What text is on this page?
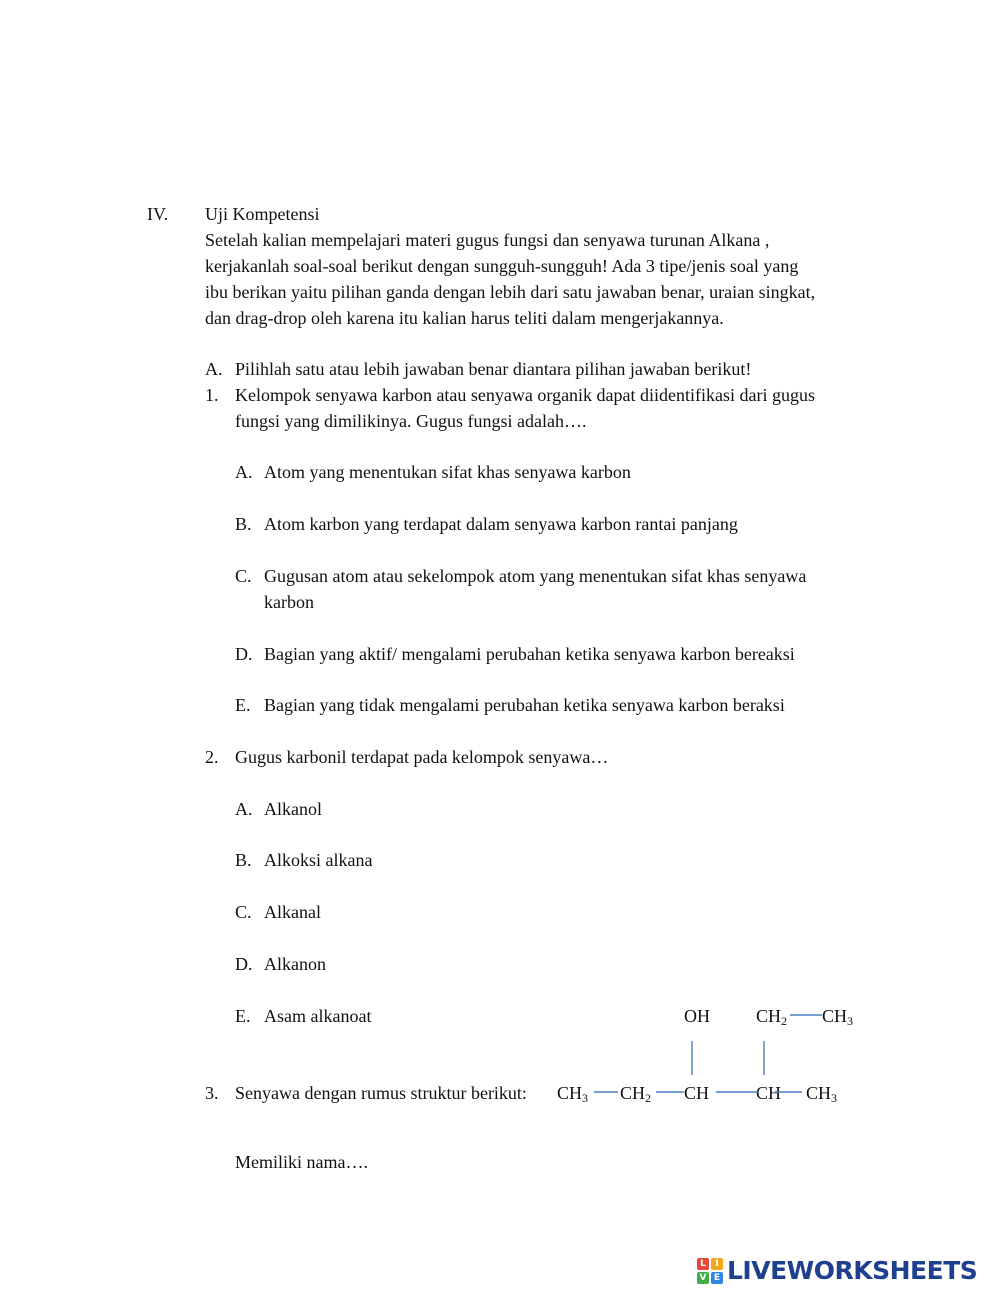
IV. Uji Kompetensi
Setelah kalian mempelajari materi gugus fungsi dan senyawa turunan Alkana ,
kerjakanlah soal-soal berikut dengan sungguh-sungguh! Ada 3 tipe/jenis soal yang
ibu berikan yaitu pilihan ganda dengan lebih dari satu jawaban benar, uraian singkat,
dan drag-drop oleh karena itu kalian harus teliti dalam mengerjakannya.
A. Pilihlah satu atau lebih jawaban benar diantara pilihan jawaban berikut!
1. Kelompok senyawa karbon atau senyawa organik dapat diidentifikasi dari gugus
fungsi yang dimilikinya. Gugus fungsi adalah….
A. Atom yang menentukan sifat khas senyawa karbon
B. Atom karbon yang terdapat dalam senyawa karbon rantai panjang
C. Gugusan atom atau sekelompok atom yang menentukan sifat khas senyawa
karbon
D. Bagian yang aktif/ mengalami perubahan ketika senyawa karbon bereaksi
E. Bagian yang tidak mengalami perubahan ketika senyawa karbon beraksi
2. Gugus karbonil terdapat pada kelompok senyawa…
A. Alkanol
B. Alkoksi alkana
C. Alkanal
D. Alkanon
E. Asam alkanoat	OH	$CH_2$ $CH_3$
3. Senyawa dengan rumus struktur berikut: $CH_3$ $CH_2$ CH	CH $CH_3$
Memiliki nama….
L	I
V E LIVEWORKSHEETS
